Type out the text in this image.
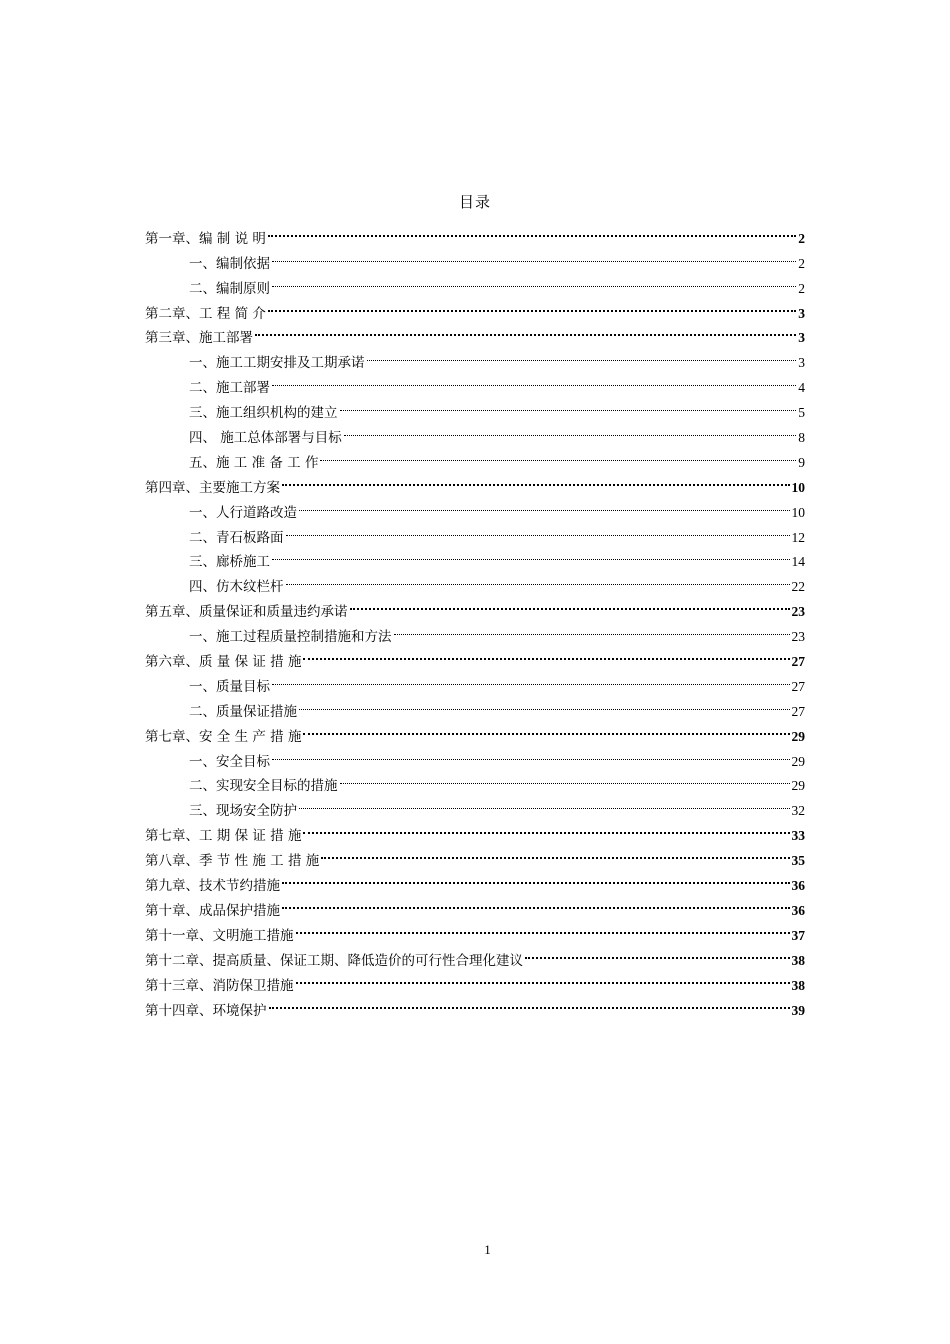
目录
第一章、编 制 说 明	2
一、编制依据	2
二、编制原则	2
第二章、工 程 简 介	3
第三章、施工部署	3
一、施工工期安排及工期承诺	3
二、施工部署	4
三、施工组织机构的建立	5
四、 施工总体部署与目标	8
五、施 工 准 备 工 作	9
第四章、主要施工方案	10
一、人行道路改造	10
二、青石板路面	12
三、廊桥施工	14
四、仿木纹栏杆	22
第五章、质量保证和质量违约承诺	23
一、施工过程质量控制措施和方法	23
第六章、质 量 保 证 措 施	27
一、质量目标	27
二、质量保证措施	27
第七章、安 全 生 产 措 施	29
一、安全目标	29
二、实现安全目标的措施	29
三、现场安全防护	32
第七章、工 期 保 证 措 施	33
第八章、季 节 性 施 工 措 施	35
第九章、技术节约措施	36
第十章、成品保护措施	36
第十一章、文明施工措施	37
第十二章、提高质量、保证工期、降低造价的可行性合理化建议	38
第十三章、消防保卫措施	38
第十四章、环境保护	39
1
